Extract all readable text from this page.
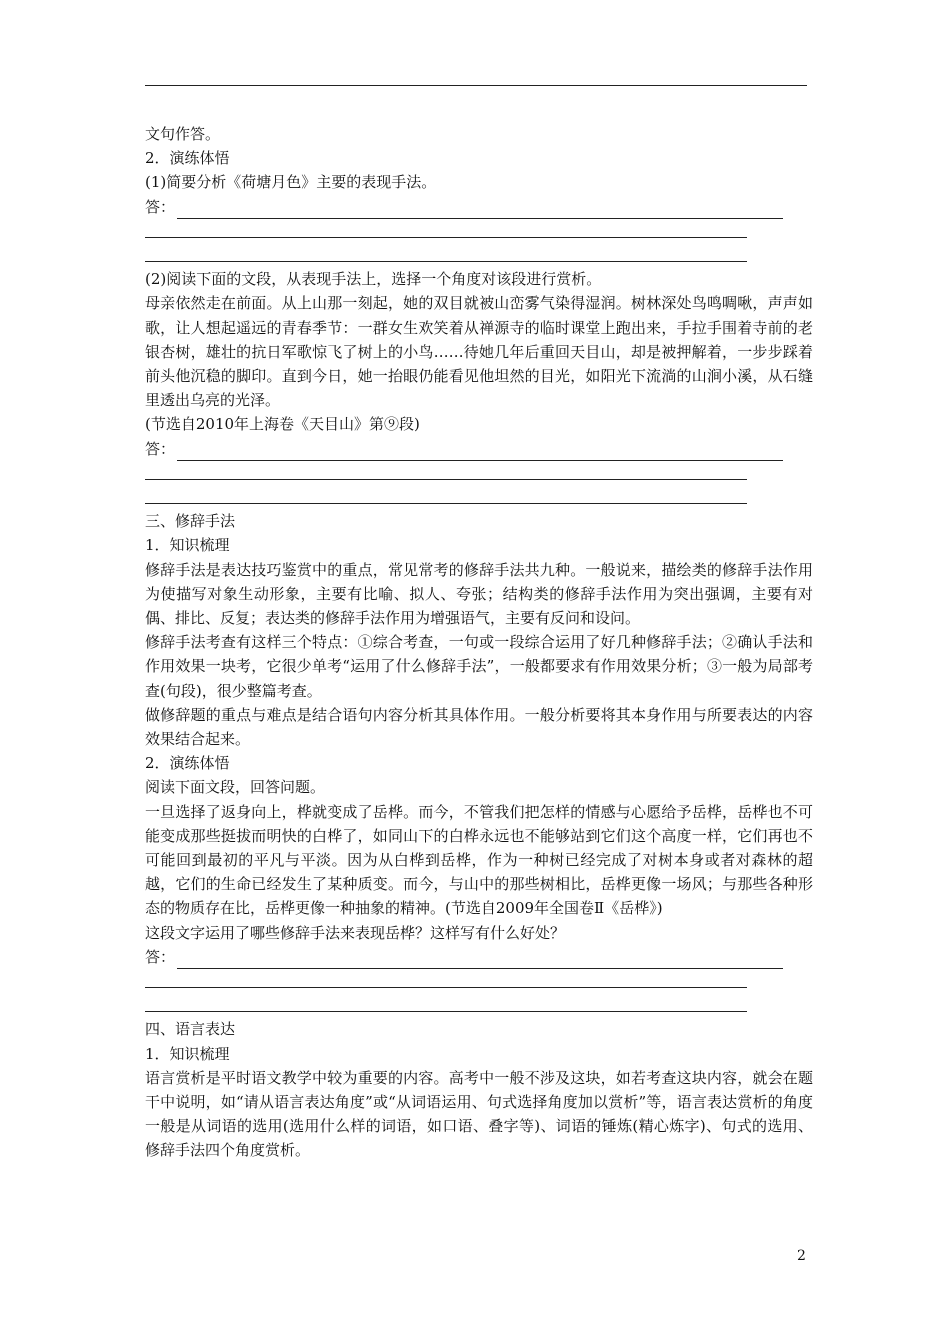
文句作答。
2．演练体悟
(1)简要分析《荷塘月色》主要的表现手法。
答：
(2)阅读下面的文段，从表现手法上，选择一个角度对该段进行赏析。
母亲依然走在前面。从上山那一刻起，她的双目就被山峦雾气染得湿润。树林深处鸟鸣啁啾，声声如歌，让人想起遥远的青春季节：一群女生欢笑着从禅源寺的临时课堂上跑出来，手拉手围着寺前的老银杏树，雄壮的抗日军歌惊飞了树上的小鸟……待她几年后重回天目山，却是被押解着，一步步踩着前头他沉稳的脚印。直到今日，她一抬眼仍能看见他坦然的目光，如阳光下流淌的山涧小溪，从石缝里透出乌亮的光泽。
(节选自2010年上海卷《天目山》第⑨段)
答：
三、修辞手法
1．知识梳理
修辞手法是表达技巧鉴赏中的重点，常见常考的修辞手法共九种。一般说来，描绘类的修辞手法作用为使描写对象生动形象，主要有比喻、拟人、夸张；结构类的修辞手法作用为突出强调，主要有对偶、排比、反复；表达类的修辞手法作用为增强语气，主要有反问和设问。
修辞手法考查有这样三个特点：①综合考查，一句或一段综合运用了好几种修辞手法；②确认手法和作用效果一块考，它很少单考“运用了什么修辞手法”，一般都要求有作用效果分析；③一般为局部考查(句段)，很少整篇考查。
做修辞题的重点与难点是结合语句内容分析其具体作用。一般分析要将其本身作用与所要表达的内容效果结合起来。
2．演练体悟
阅读下面文段，回答问题。
一旦选择了返身向上，桦就变成了岳桦。而今，不管我们把怎样的情感与心愿给予岳桦，岳桦也不可能变成那些挺拔而明快的白桦了，如同山下的白桦永远也不能够站到它们这个高度一样，它们再也不可能回到最初的平凡与平淡。因为从白桦到岳桦，作为一种树已经完成了对树本身或者对森林的超越，它们的生命已经发生了某种质变。而今，与山中的那些树相比，岳桦更像一场风；与那些各种形态的物质存在比，岳桦更像一种抽象的精神。(节选自2009年全国卷Ⅱ《岳桦》)
这段文字运用了哪些修辞手法来表现岳桦？这样写有什么好处？
答：
四、语言表达
1．知识梳理
语言赏析是平时语文教学中较为重要的内容。高考中一般不涉及这块，如若考查这块内容，就会在题干中说明，如“请从语言表达角度”或“从词语运用、句式选择角度加以赏析”等，语言表达赏析的角度一般是从词语的选用(选用什么样的词语，如口语、叠字等)、词语的锤炼(精心炼字)、句式的选用、修辞手法四个角度赏析。
2
